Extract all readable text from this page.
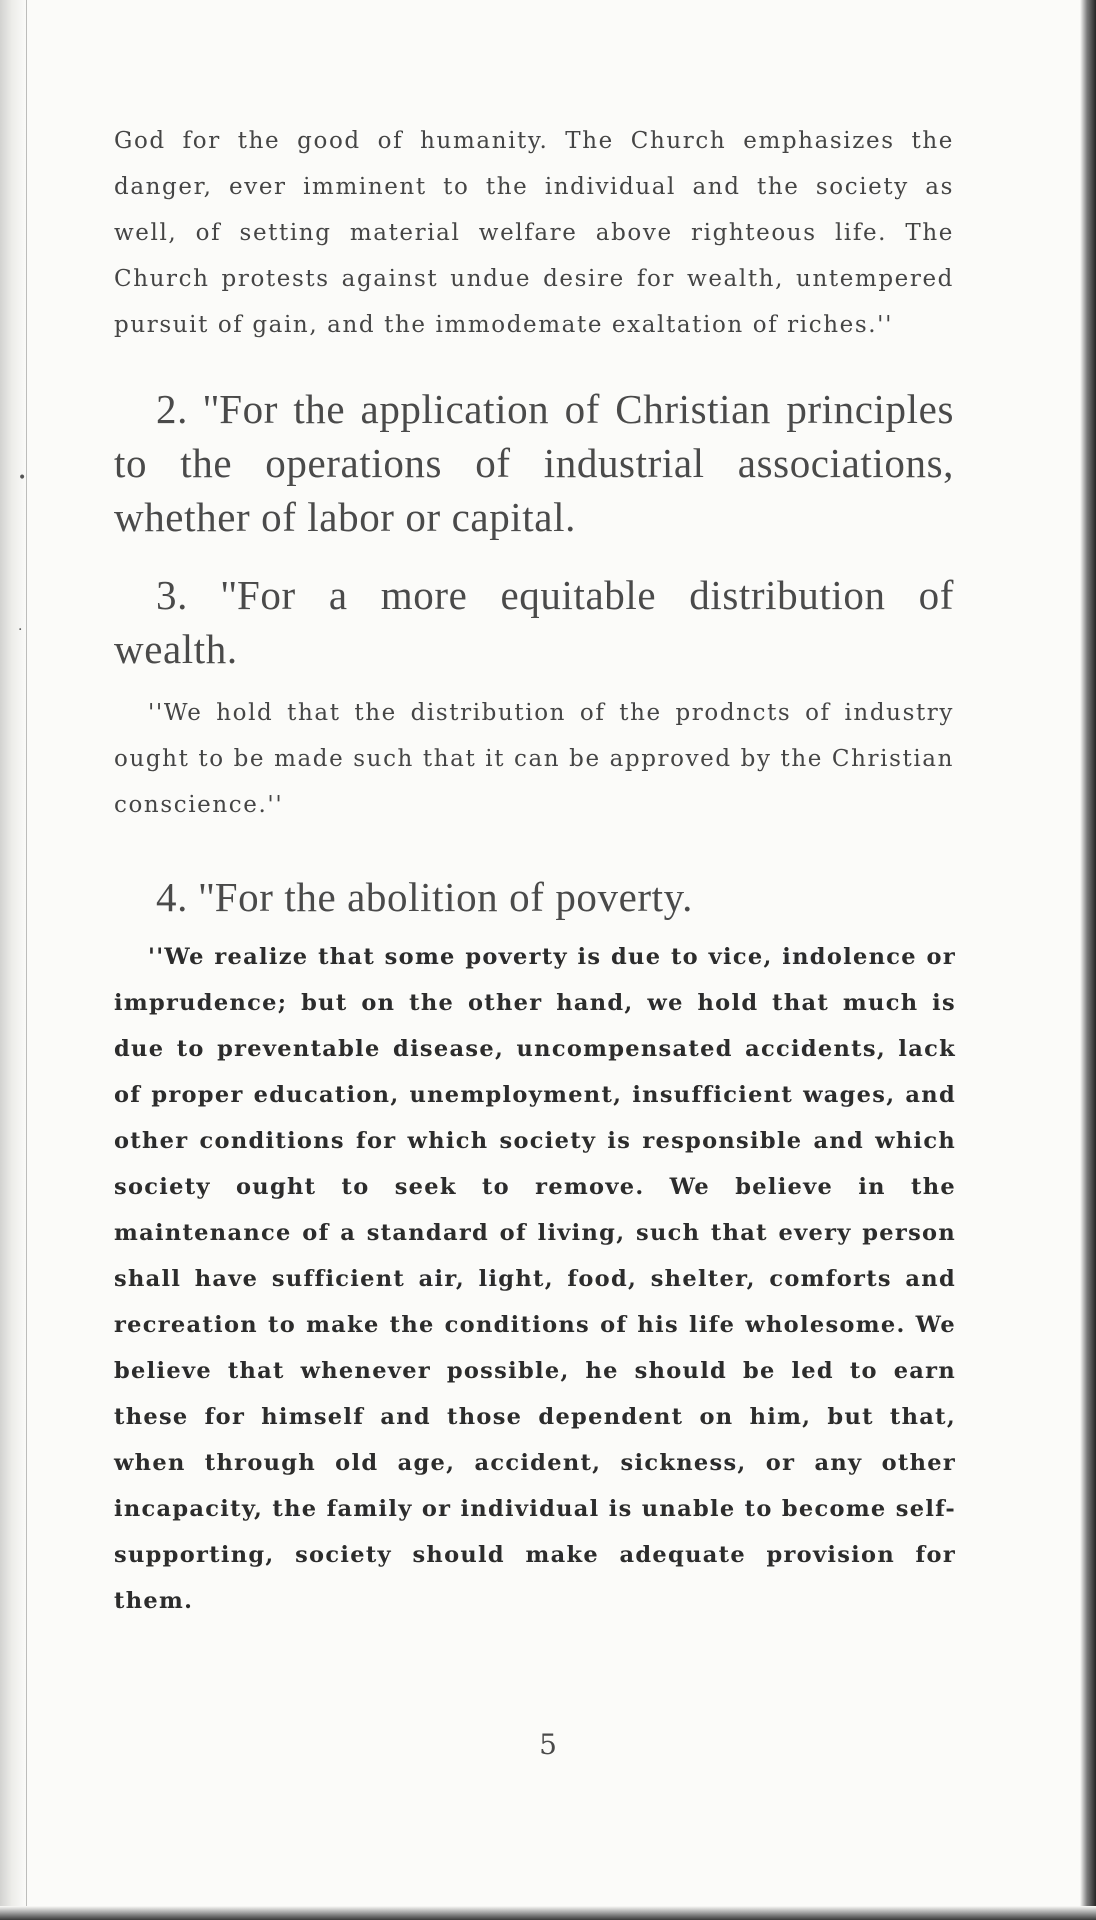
•
·

God for the good of humanity. The Church emphasizes the danger, ever imminent to the individual and the society as well, of setting material welfare above righteous life. The Church protests against undue desire for wealth, untempered pursuit of gain, and the immodemate exaltation of riches.''

2. ''For the application of Christian principles to the operations of industrial associations, whether of labor or capital.

3. ''For a more equitable distribution of wealth.

''We hold that the distribution of the prodncts of industry ought to be made such that it can be approved by the Christian conscience.''

4. ''For the abolition of poverty.

''We realize that some poverty is due to vice, indolence or imprudence; but on the other hand, we hold that much is due to preventable disease, uncompensated accidents, lack of proper education, unemployment, insufficient wages, and other conditions for which society is responsible and which society ought to seek to remove. We believe in the maintenance of a standard of living, such that every person shall have sufficient air, light, food, shelter, comforts and recreation to make the conditions of his life wholesome. We believe that whenever possible, he should be led to earn these for himself and those dependent on him, but that, when through old age, accident, sickness, or any other incapacity, the family or individual is unable to become self-supporting, society should make adequate provision for them.

5
